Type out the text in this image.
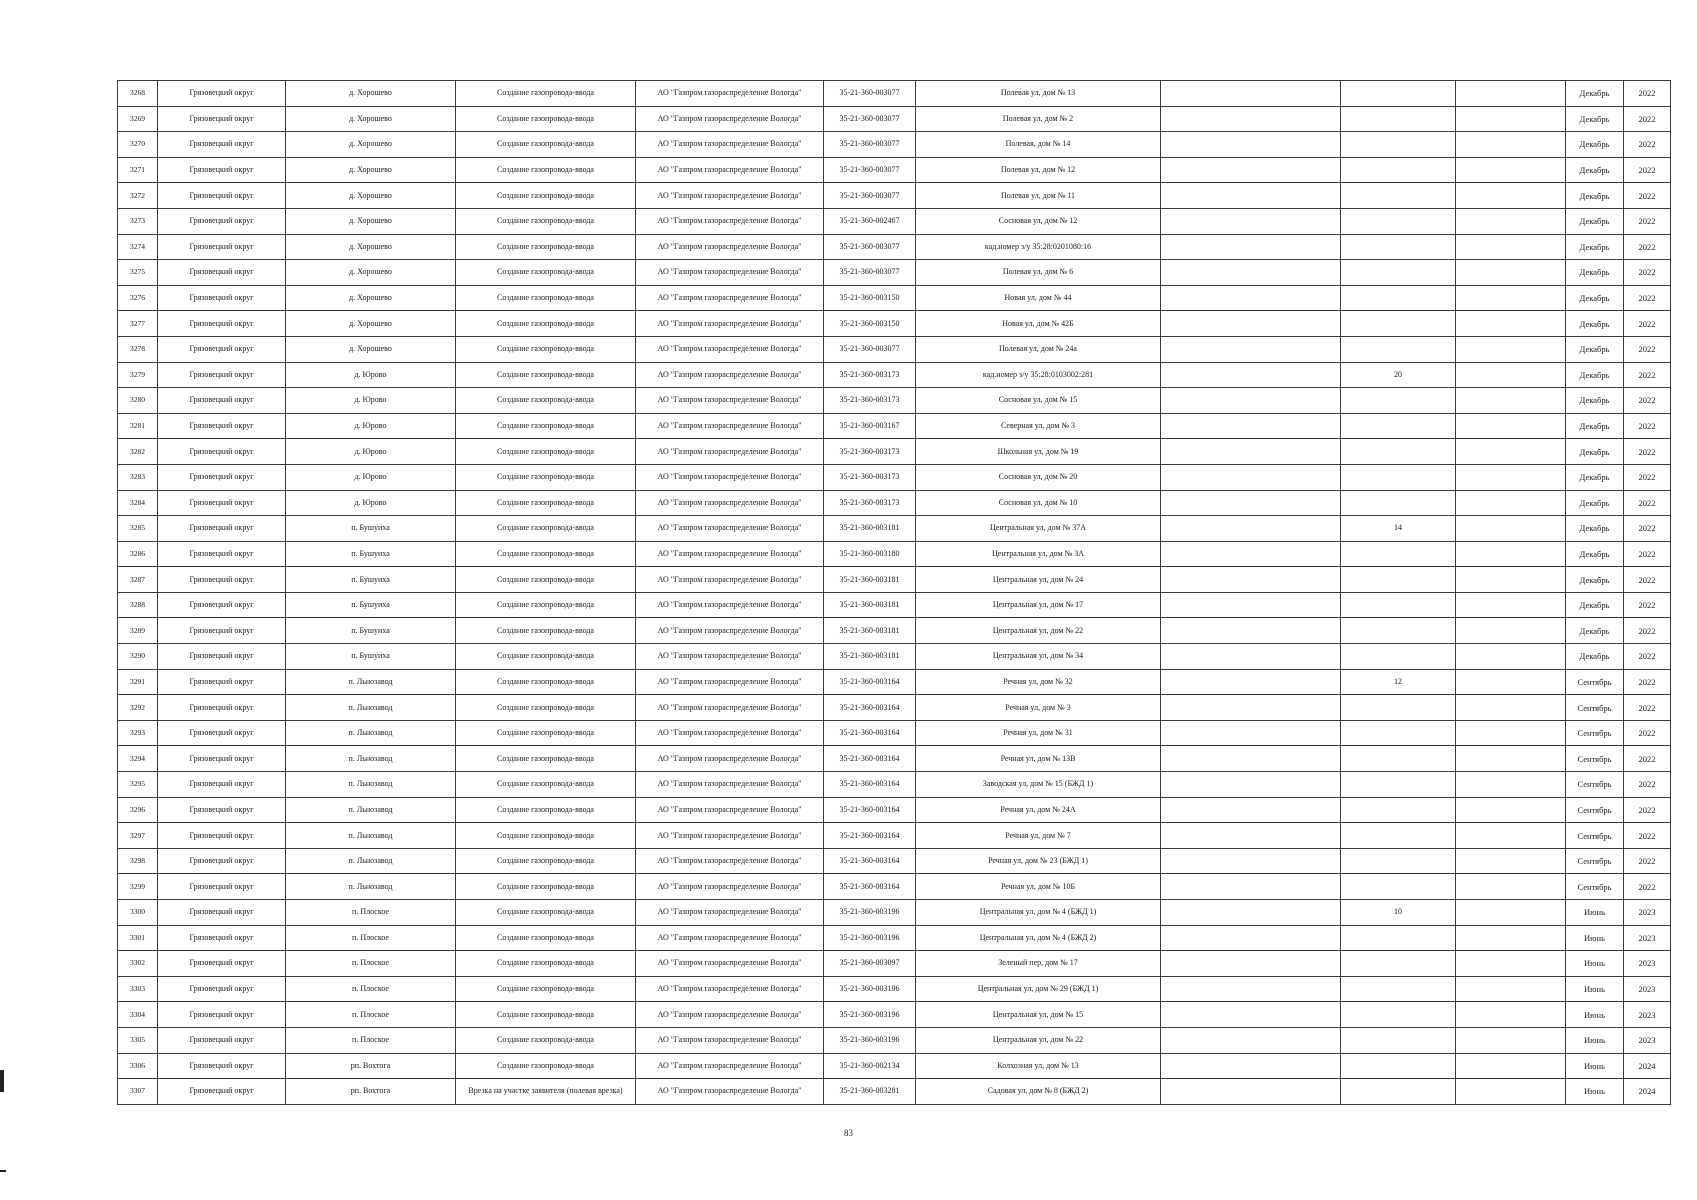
3268	Грязовецкий округ	д. Хорошево	Создание газопровода-ввода	АО "Газпром газораспределение Вологда"	35-21-360-003077	Полевая ул, дом № 13				Декабрь	2022
3269	Грязовецкий округ	д. Хорошево	Создание газопровода-ввода	АО "Газпром газораспределение Вологда"	35-21-360-003077	Полевая ул, дом № 2				Декабрь	2022
3270	Грязовецкий округ	д. Хорошево	Создание газопровода-ввода	АО "Газпром газораспределение Вологда"	35-21-360-003077	Полевая, дом № 14				Декабрь	2022
3271	Грязовецкий округ	д. Хорошево	Создание газопровода-ввода	АО "Газпром газораспределение Вологда"	35-21-360-003077	Полевая ул, дом № 12				Декабрь	2022
3272	Грязовецкий округ	д. Хорошево	Создание газопровода-ввода	АО "Газпром газораспределение Вологда"	35-21-360-003077	Полевая ул, дом № 11				Декабрь	2022
3273	Грязовецкий округ	д. Хорошево	Создание газопровода-ввода	АО "Газпром газораспределение Вологда"	35-21-360-002467	Сосновая ул, дом № 12				Декабрь	2022
3274	Грязовецкий округ	д. Хорошево	Создание газопровода-ввода	АО "Газпром газораспределение Вологда"	35-21-360-003077	кад.номер з/у 35:28:0201080:16				Декабрь	2022
3275	Грязовецкий округ	д. Хорошево	Создание газопровода-ввода	АО "Газпром газораспределение Вологда"	35-21-360-003077	Полевая ул, дом № 6				Декабрь	2022
3276	Грязовецкий округ	д. Хорошево	Создание газопровода-ввода	АО "Газпром газораспределение Вологда"	35-21-360-003150	Новая ул, дом № 44				Декабрь	2022
3277	Грязовецкий округ	д. Хорошево	Создание газопровода-ввода	АО "Газпром газораспределение Вологда"	35-21-360-003150	Новая ул, дом № 42Б				Декабрь	2022
3278	Грязовецкий округ	д. Хорошево	Создание газопровода-ввода	АО "Газпром газораспределение Вологда"	35-21-360-003077	Полевая ул, дом № 24а				Декабрь	2022
3279	Грязовецкий округ	д. Юрово	Создание газопровода-ввода	АО "Газпром газораспределение Вологда"	35-21-360-003173	кад.номер з/у 35:28:0103002:281		20		Декабрь	2022
3280	Грязовецкий округ	д. Юрово	Создание газопровода-ввода	АО "Газпром газораспределение Вологда"	35-21-360-003173	Сосновая ул, дом № 15				Декабрь	2022
3281	Грязовецкий округ	д. Юрово	Создание газопровода-ввода	АО "Газпром газораспределение Вологда"	35-21-360-003167	Северная ул, дом № 3				Декабрь	2022
3282	Грязовецкий округ	д. Юрово	Создание газопровода-ввода	АО "Газпром газораспределение Вологда"	35-21-360-003173	Школьная ул, дом № 19				Декабрь	2022
3283	Грязовецкий округ	д. Юрово	Создание газопровода-ввода	АО "Газпром газораспределение Вологда"	35-21-360-003173	Сосновая ул, дом № 20				Декабрь	2022
3284	Грязовецкий округ	д. Юрово	Создание газопровода-ввода	АО "Газпром газораспределение Вологда"	35-21-360-003173	Сосновая ул, дом № 10				Декабрь	2022
3285	Грязовецкий округ	п. Бушуиха	Создание газопровода-ввода	АО "Газпром газораспределение Вологда"	35-21-360-003181	Центральная ул, дом № 37А		14		Декабрь	2022
3286	Грязовецкий округ	п. Бушуиха	Создание газопровода-ввода	АО "Газпром газораспределение Вологда"	35-21-360-003180	Центральная ул, дом № 3А				Декабрь	2022
3287	Грязовецкий округ	п. Бушуиха	Создание газопровода-ввода	АО "Газпром газораспределение Вологда"	35-21-360-003181	Центральная ул, дом № 24				Декабрь	2022
3288	Грязовецкий округ	п. Бушуиха	Создание газопровода-ввода	АО "Газпром газораспределение Вологда"	35-21-360-003181	Центральная ул, дом № 17				Декабрь	2022
3289	Грязовецкий округ	п. Бушуиха	Создание газопровода-ввода	АО "Газпром газораспределение Вологда"	35-21-360-003181	Центральная ул, дом № 22				Декабрь	2022
3290	Грязовецкий округ	п. Бушуиха	Создание газопровода-ввода	АО "Газпром газораспределение Вологда"	35-21-360-003181	Центральная ул, дом № 34				Декабрь	2022
3291	Грязовецкий округ	п. Льнозавод	Создание газопровода-ввода	АО "Газпром газораспределение Вологда"	35-21-360-003164	Речная ул, дом № 32		12		Сентябрь	2022
3292	Грязовецкий округ	п. Льнозавод	Создание газопровода-ввода	АО "Газпром газораспределение Вологда"	35-21-360-003164	Речная ул, дом № 3				Сентябрь	2022
3293	Грязовецкий округ	п. Льнозавод	Создание газопровода-ввода	АО "Газпром газораспределение Вологда"	35-21-360-003164	Речная ул, дом № 31				Сентябрь	2022
3294	Грязовецкий округ	п. Льнозавод	Создание газопровода-ввода	АО "Газпром газораспределение Вологда"	35-21-360-003164	Речная ул, дом № 13В				Сентябрь	2022
3295	Грязовецкий округ	п. Льнозавод	Создание газопровода-ввода	АО "Газпром газораспределение Вологда"	35-21-360-003164	Заводская ул, дом № 15 (БЖД 1)				Сентябрь	2022
3296	Грязовецкий округ	п. Льнозавод	Создание газопровода-ввода	АО "Газпром газораспределение Вологда"	35-21-360-003164	Речная ул, дом № 24А				Сентябрь	2022
3297	Грязовецкий округ	п. Льнозавод	Создание газопровода-ввода	АО "Газпром газораспределение Вологда"	35-21-360-003164	Речная ул, дом № 7				Сентябрь	2022
3298	Грязовецкий округ	п. Льнозавод	Создание газопровода-ввода	АО "Газпром газораспределение Вологда"	35-21-360-003164	Речная ул, дом № 23 (БЖД 1)				Сентябрь	2022
3299	Грязовецкий округ	п. Льнозавод	Создание газопровода-ввода	АО "Газпром газораспределение Вологда"	35-21-360-003164	Речная ул, дом № 10Б				Сентябрь	2022
3300	Грязовецкий округ	п. Плоское	Создание газопровода-ввода	АО "Газпром газораспределение Вологда"	35-21-360-003196	Центральная ул, дом № 4 (БЖД 1)		10		Июнь	2023
3301	Грязовецкий округ	п. Плоское	Создание газопровода-ввода	АО "Газпром газораспределение Вологда"	35-21-360-003196	Центральная ул, дом № 4 (БЖД 2)				Июнь	2023
3302	Грязовецкий округ	п. Плоское	Создание газопровода-ввода	АО "Газпром газораспределение Вологда"	35-21-360-003097	Зеленый пер, дом № 17				Июнь	2023
3303	Грязовецкий округ	п. Плоское	Создание газопровода-ввода	АО "Газпром газораспределение Вологда"	35-21-360-003196	Центральная ул, дом № 29 (БЖД 1)				Июнь	2023
3304	Грязовецкий округ	п. Плоское	Создание газопровода-ввода	АО "Газпром газораспределение Вологда"	35-21-360-003196	Центральная ул, дом № 15				Июнь	2023
3305	Грязовецкий округ	п. Плоское	Создание газопровода-ввода	АО "Газпром газораспределение Вологда"	35-21-360-003196	Центральная ул, дом № 22				Июнь	2023
3306	Грязовецкий округ	рп. Вохтога	Создание газопровода-ввода	АО "Газпром газораспределение Вологда"	35-21-360-002134	Колхозная ул, дом № 13				Июнь	2024
3307	Грязовецкий округ	рп. Вохтога	Врезка на участке заявителя (полевая врезка)	АО "Газпром газораспределение Вологда"	35-21-360-003281	Садовая ул, дом № 8 (БЖД 2)				Июнь	2024
83
